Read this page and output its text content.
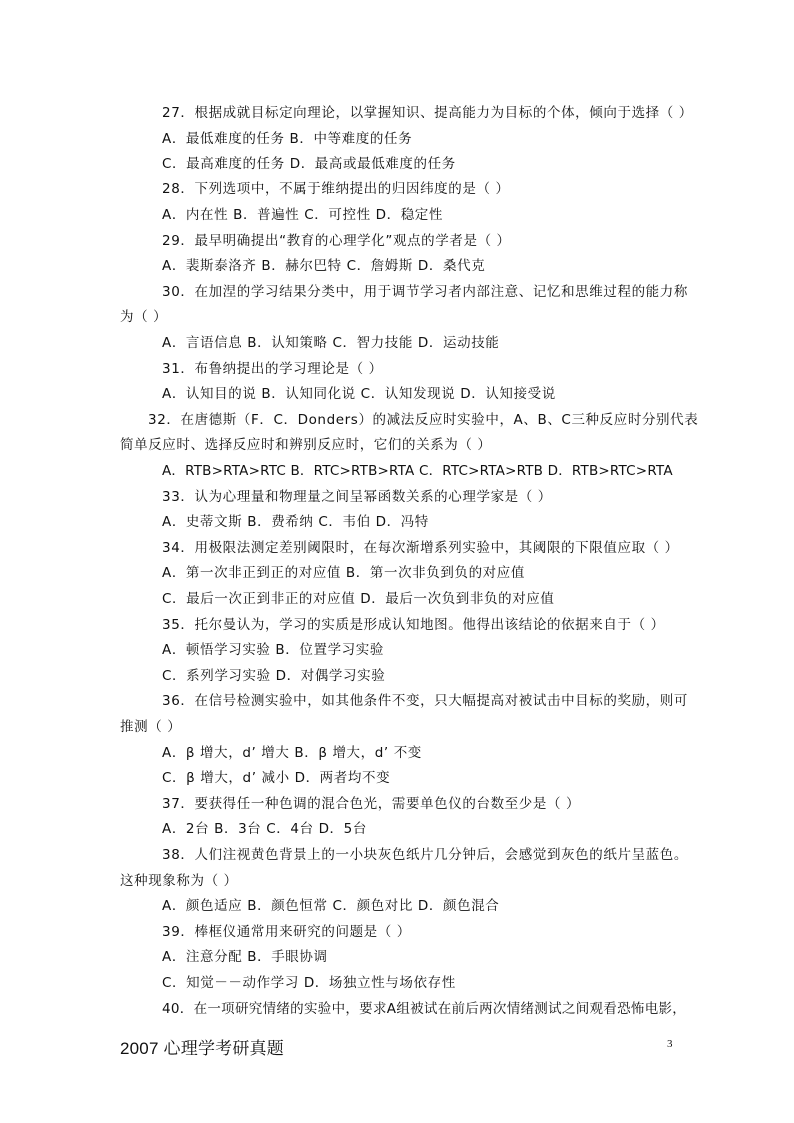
27．根据成就目标定向理论，以掌握知识、提高能力为目标的个体，倾向于选择（ ）
A．最低难度的任务 B．中等难度的任务
C．最高难度的任务 D．最高或最低难度的任务
28．下列选项中，不属于维纳提出的归因纬度的是（ ）
A．内在性 B．普遍性 C．可控性 D．稳定性
29．最早明确提出“教育的心理学化”观点的学者是（ ）
A．裴斯泰洛齐 B．赫尔巴特 C．詹姆斯 D．桑代克
30．在加涅的学习结果分类中，用于调节学习者内部注意、记忆和思维过程的能力称
为（ ）
A．言语信息 B．认知策略 C．智力技能 D．运动技能
31．布鲁纳提出的学习理论是（ ）
A．认知目的说 B．认知同化说 C．认知发现说 D．认知接受说
32．在唐德斯（F．C．Donders）的减法反应时实验中，A、B、C三种反应时分别代表
简单反应时、选择反应时和辨别反应时，它们的关系为（ ）
A．RTB>RTA>RTC B．RTC>RTB>RTA C．RTC>RTA>RTB D．RTB>RTC>RTA
33．认为心理量和物理量之间呈幂函数关系的心理学家是（ ）
A．史蒂文斯 B．费希纳 C．韦伯 D．冯特
34．用极限法测定差别阈限时，在每次渐增系列实验中，其阈限的下限值应取（ ）
A．第一次非正到正的对应值 B．第一次非负到负的对应值
C．最后一次正到非正的对应值 D．最后一次负到非负的对应值
35．托尔曼认为，学习的实质是形成认知地图。他得出该结论的依据来自于（ ）
A．顿悟学习实验 B．位置学习实验
C．系列学习实验 D．对偶学习实验
36．在信号检测实验中，如其他条件不变，只大幅提高对被试击中目标的奖励，则可
推测（ ）
A．β 增大，d’ 增大 B．β 增大，d’ 不变
C．β 增大，d’ 减小 D．两者均不变
37．要获得任一种色调的混合色光，需要单色仪的台数至少是（ ）
A．2台 B．3台 C．4台 D．5台
38．人们注视黄色背景上的一小块灰色纸片几分钟后，会感觉到灰色的纸片呈蓝色。
这种现象称为（ ）
A．颜色适应 B．颜色恒常 C．颜色对比 D．颜色混合
39．棒框仪通常用来研究的问题是（ ）
A．注意分配 B．手眼协调
C．知觉－－动作学习 D．场独立性与场依存性
40．在一项研究情绪的实验中，要求A组被试在前后两次情绪测试之间观看恐怖电影，
2007 心理学考研真题	3
